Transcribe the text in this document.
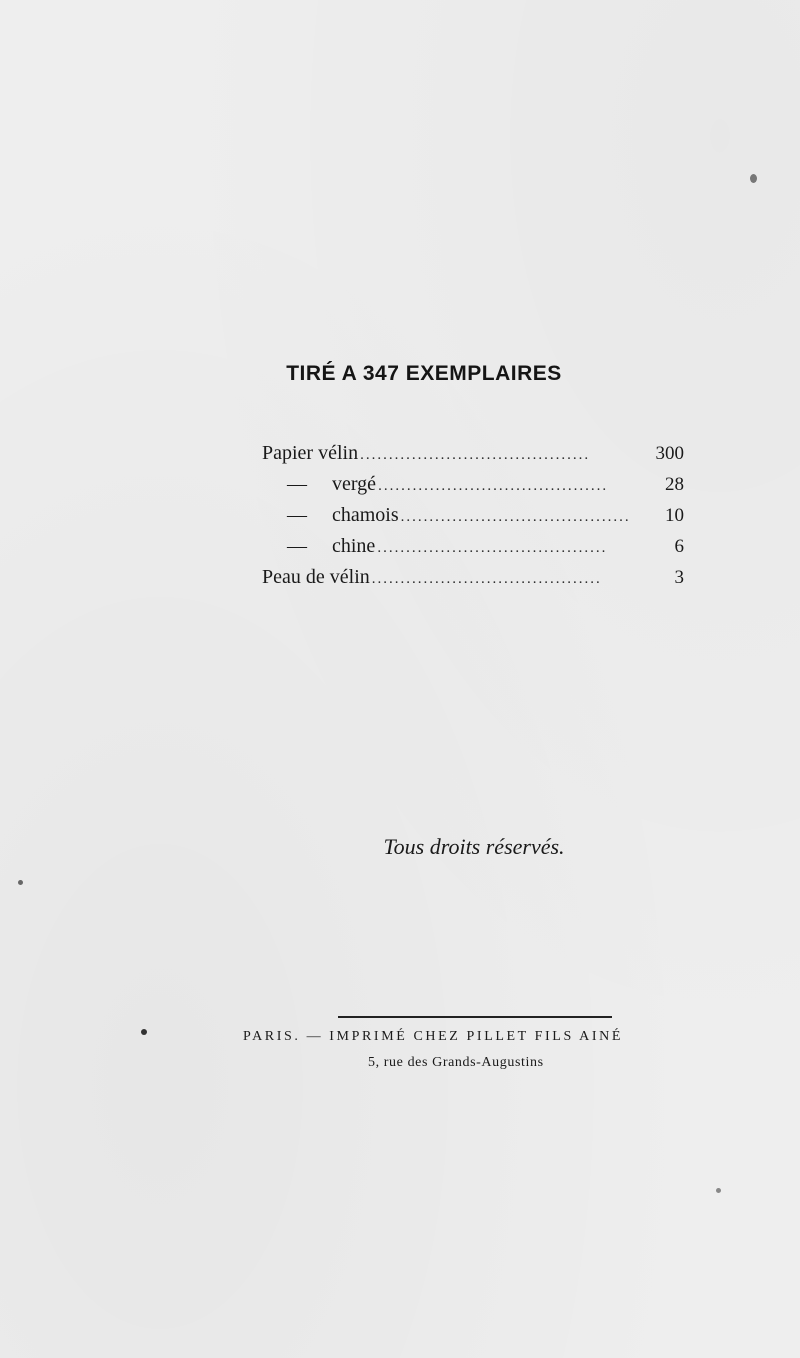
TIRÉ A 347 EXEMPLAIRES
Papier vélin ........................................	300
—	vergé ........................................	28
—	chamois ........................................	10
—	chine ........................................	6
Peau de vélin ........................................	3
Tous droits réservés.
PARIS. — IMPRIMÉ CHEZ PILLET FILS AINÉ
5, rue des Grands-Augustins
